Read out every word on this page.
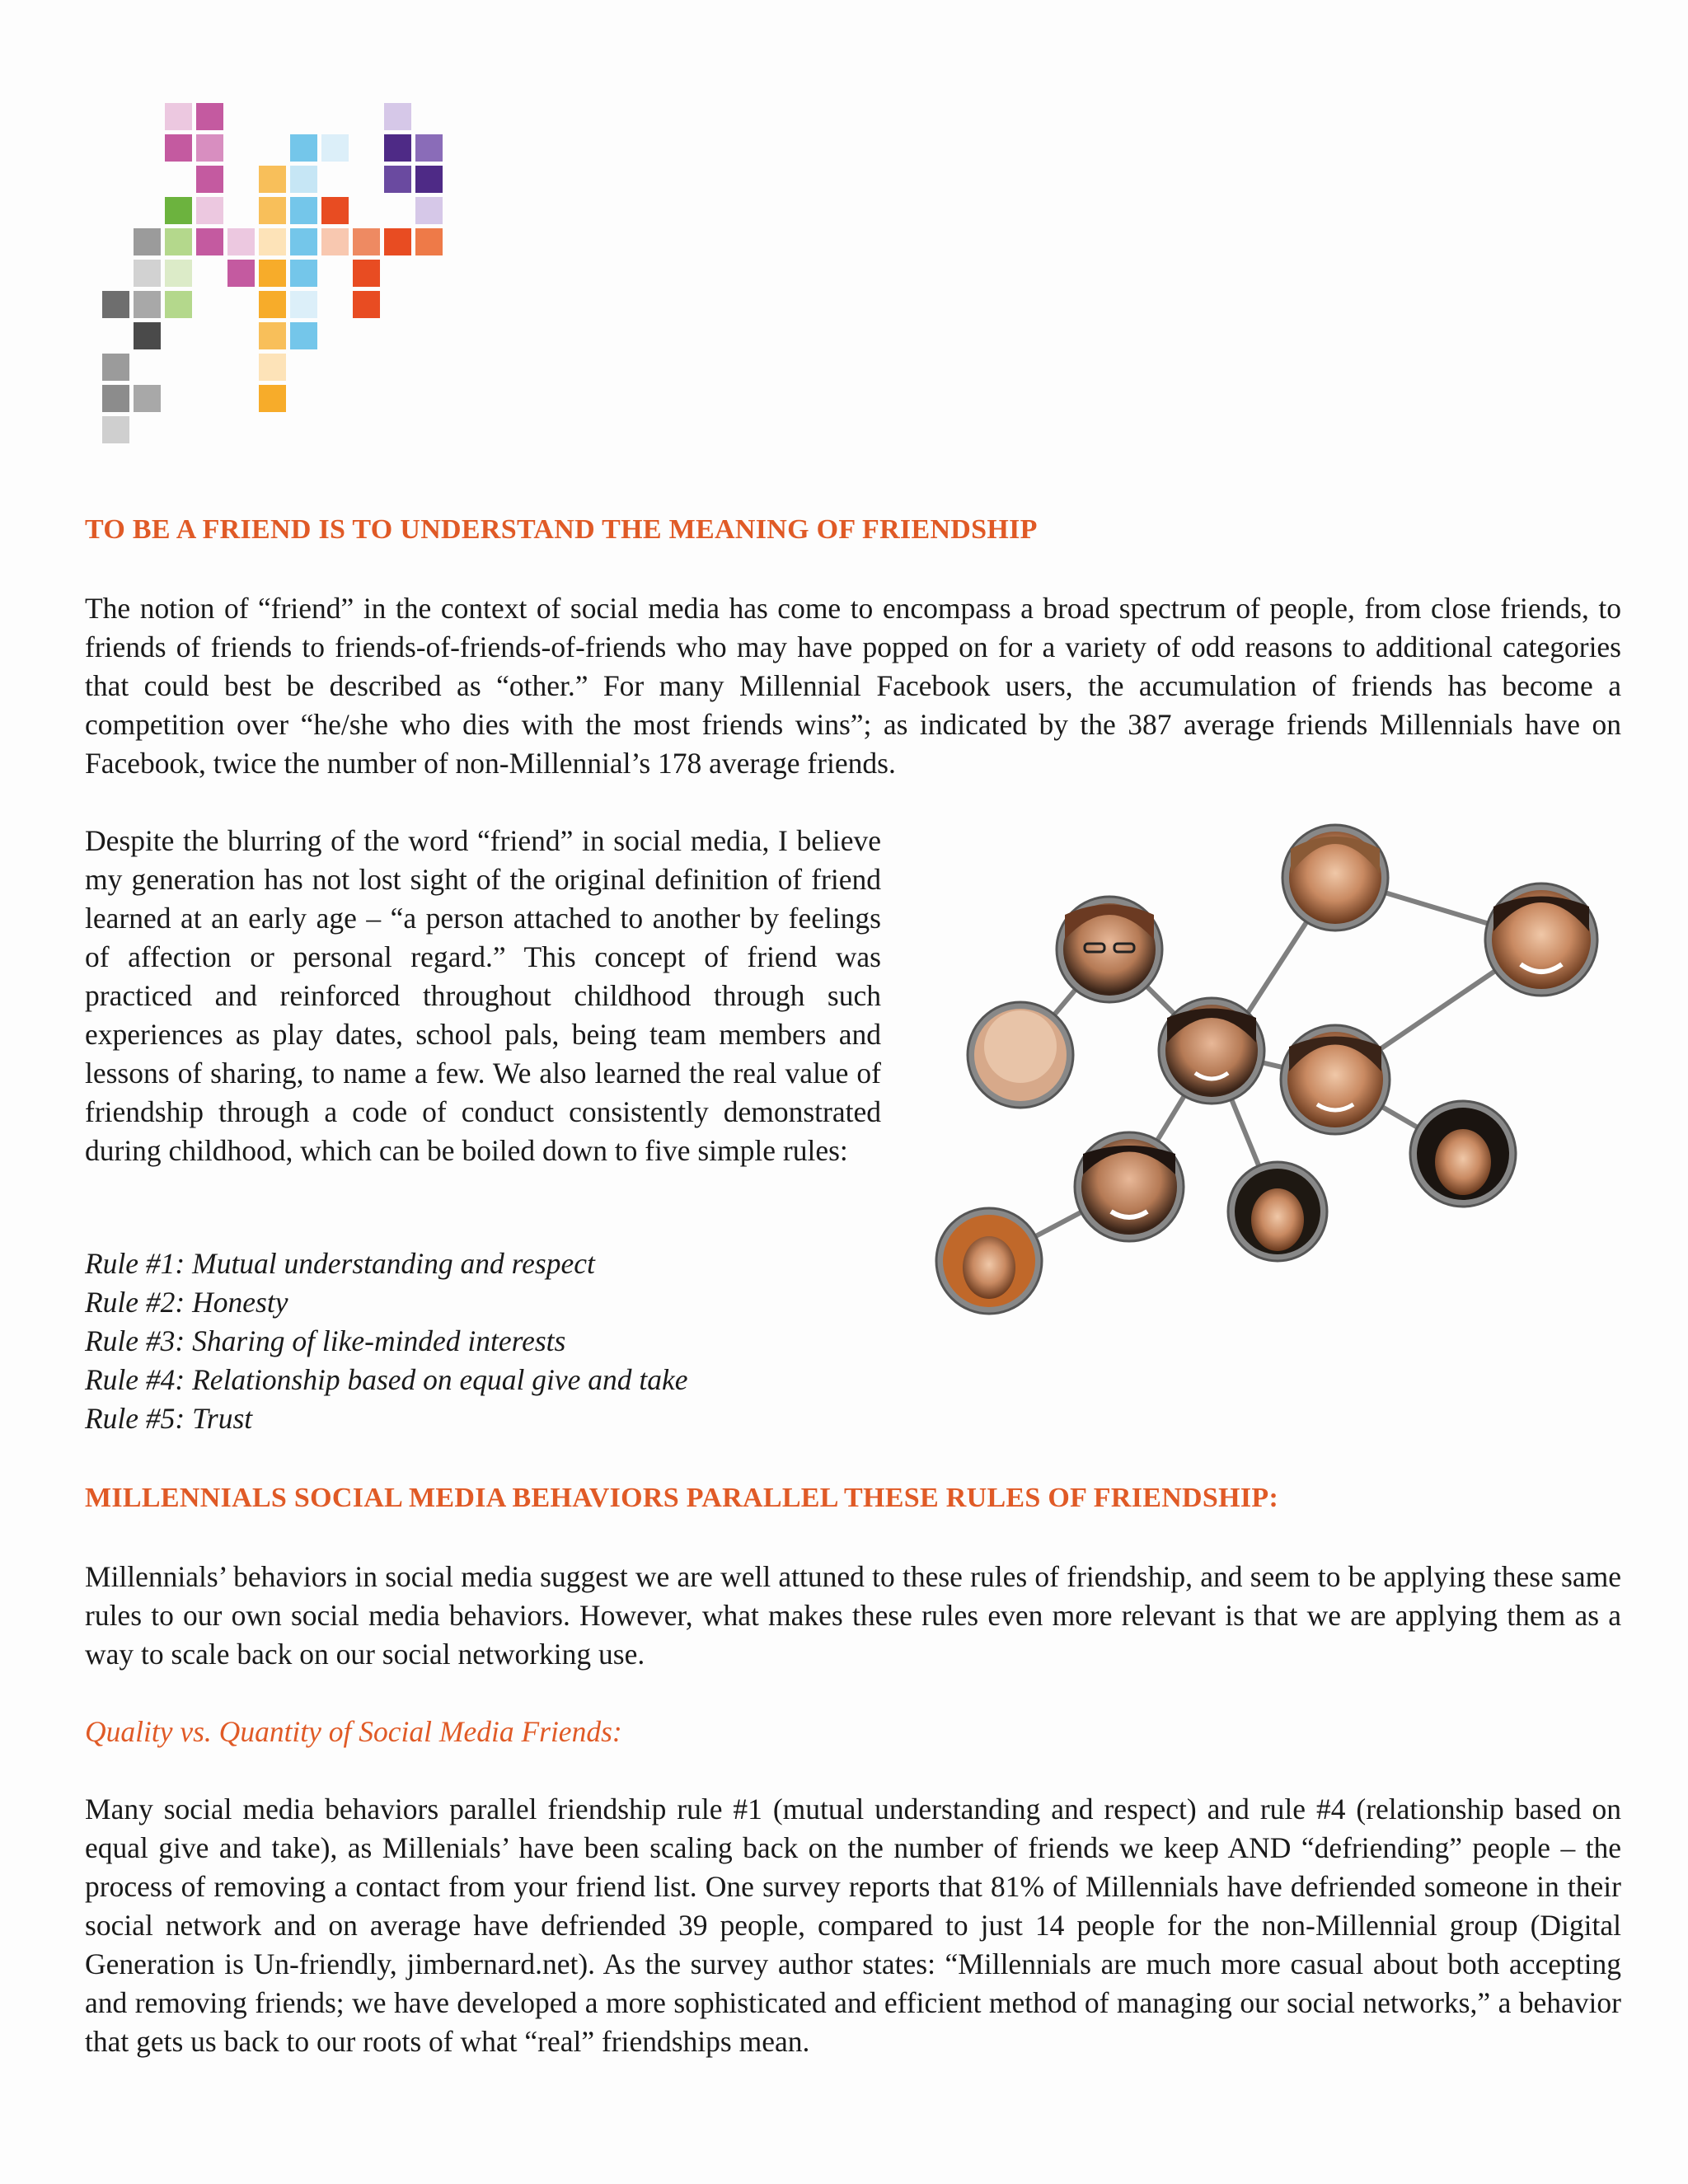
TO BE A FRIEND IS TO UNDERSTAND THE MEANING OF FRIENDSHIP

The notion of “friend” in the context of social media has come to encompass a broad spectrum of people, from close friends, to friends of friends to friends-of-friends-of-friends who may have popped on for a variety of odd reasons to additional categories that could best be described as “other.” For many Millennial Facebook users, the accumulation of friends has become a competition over “he/she who dies with the most friends wins”; as indicated by the 387 average friends Millennials have on Facebook, twice the number of non-Millennial’s 178 average friends.

Despite the blurring of the word “friend” in social media, I believe my generation has not lost sight of the original definition of friend learned at an early age – “a person attached to another by feelings of affection or personal regard.” This concept of friend was practiced and reinforced throughout childhood through such experiences as play dates, school pals, being team members and lessons of sharing, to name a few. We also learned the real value of friendship through a code of conduct consistently demonstrated during childhood, which can be boiled down to five simple rules:

Rule #1: Mutual understanding and respect
Rule #2: Honesty
Rule #3: Sharing of like-minded interests
Rule #4: Relationship based on equal give and take
Rule #5: Trust
MILLENNIALS SOCIAL MEDIA BEHAVIORS PARALLEL THESE RULES OF FRIENDSHIP:

Millennials’ behaviors in social media suggest we are well attuned to these rules of friendship, and seem to be applying these same rules to our own social media behaviors. However, what makes these rules even more relevant is that we are applying them as a way to scale back on our social networking use.

Quality vs. Quantity of Social Media Friends:

Many social media behaviors parallel friendship rule #1 (mutual understanding and respect) and rule #4 (relationship based on equal give and take), as Millenials’ have been scaling back on the number of friends we keep AND “defriending” people – the process of removing a contact from your friend list. One survey reports that 81% of Millennials have defriended someone in their social network and on average have defriended 39 people, compared to just 14 people for the non-Millennial group (Digital Generation is Un-friendly, jimbernard.net). As the survey author states: “Millennials are much more casual about both accepting and removing friends; we have developed a more sophisticated and efficient method of managing our social networks,” a behavior that gets us back to our roots of what “real” friendships mean.
